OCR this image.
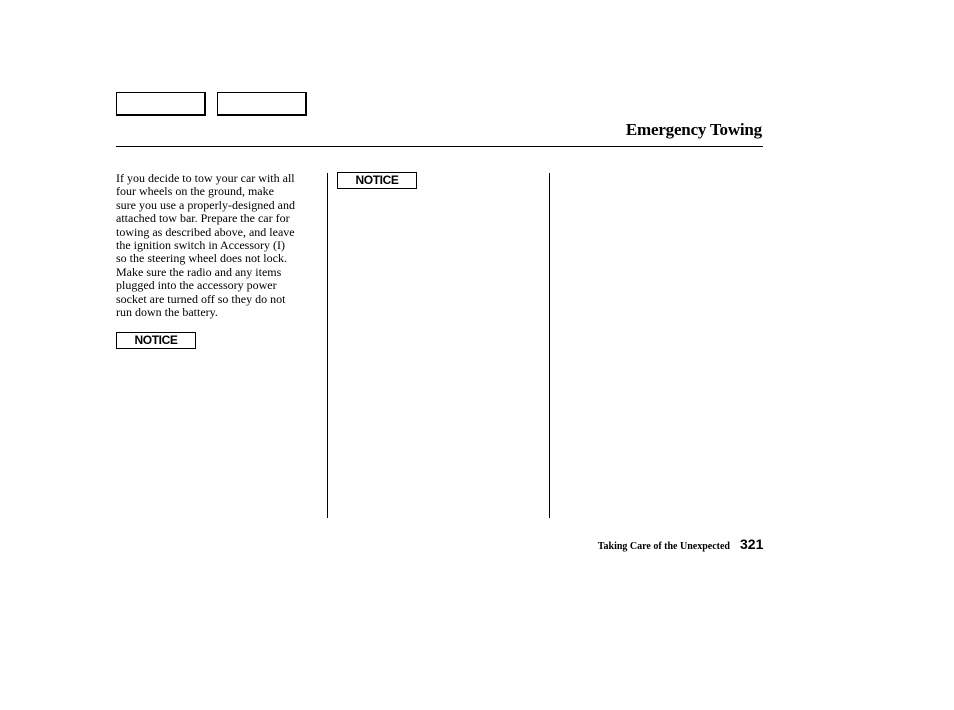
Emergency Towing
If you decide to tow your car with all
four wheels on the ground, make
sure you use a properly-designed and
attached tow bar. Prepare the car for
towing as described above, and leave
the ignition switch in Accessory (I)
so the steering wheel does not lock.
Make sure the radio and any items
plugged into the accessory power
socket are turned off so they do not
run down the battery.
NOTICE
NOTICE
Taking Care of the Unexpected 321
